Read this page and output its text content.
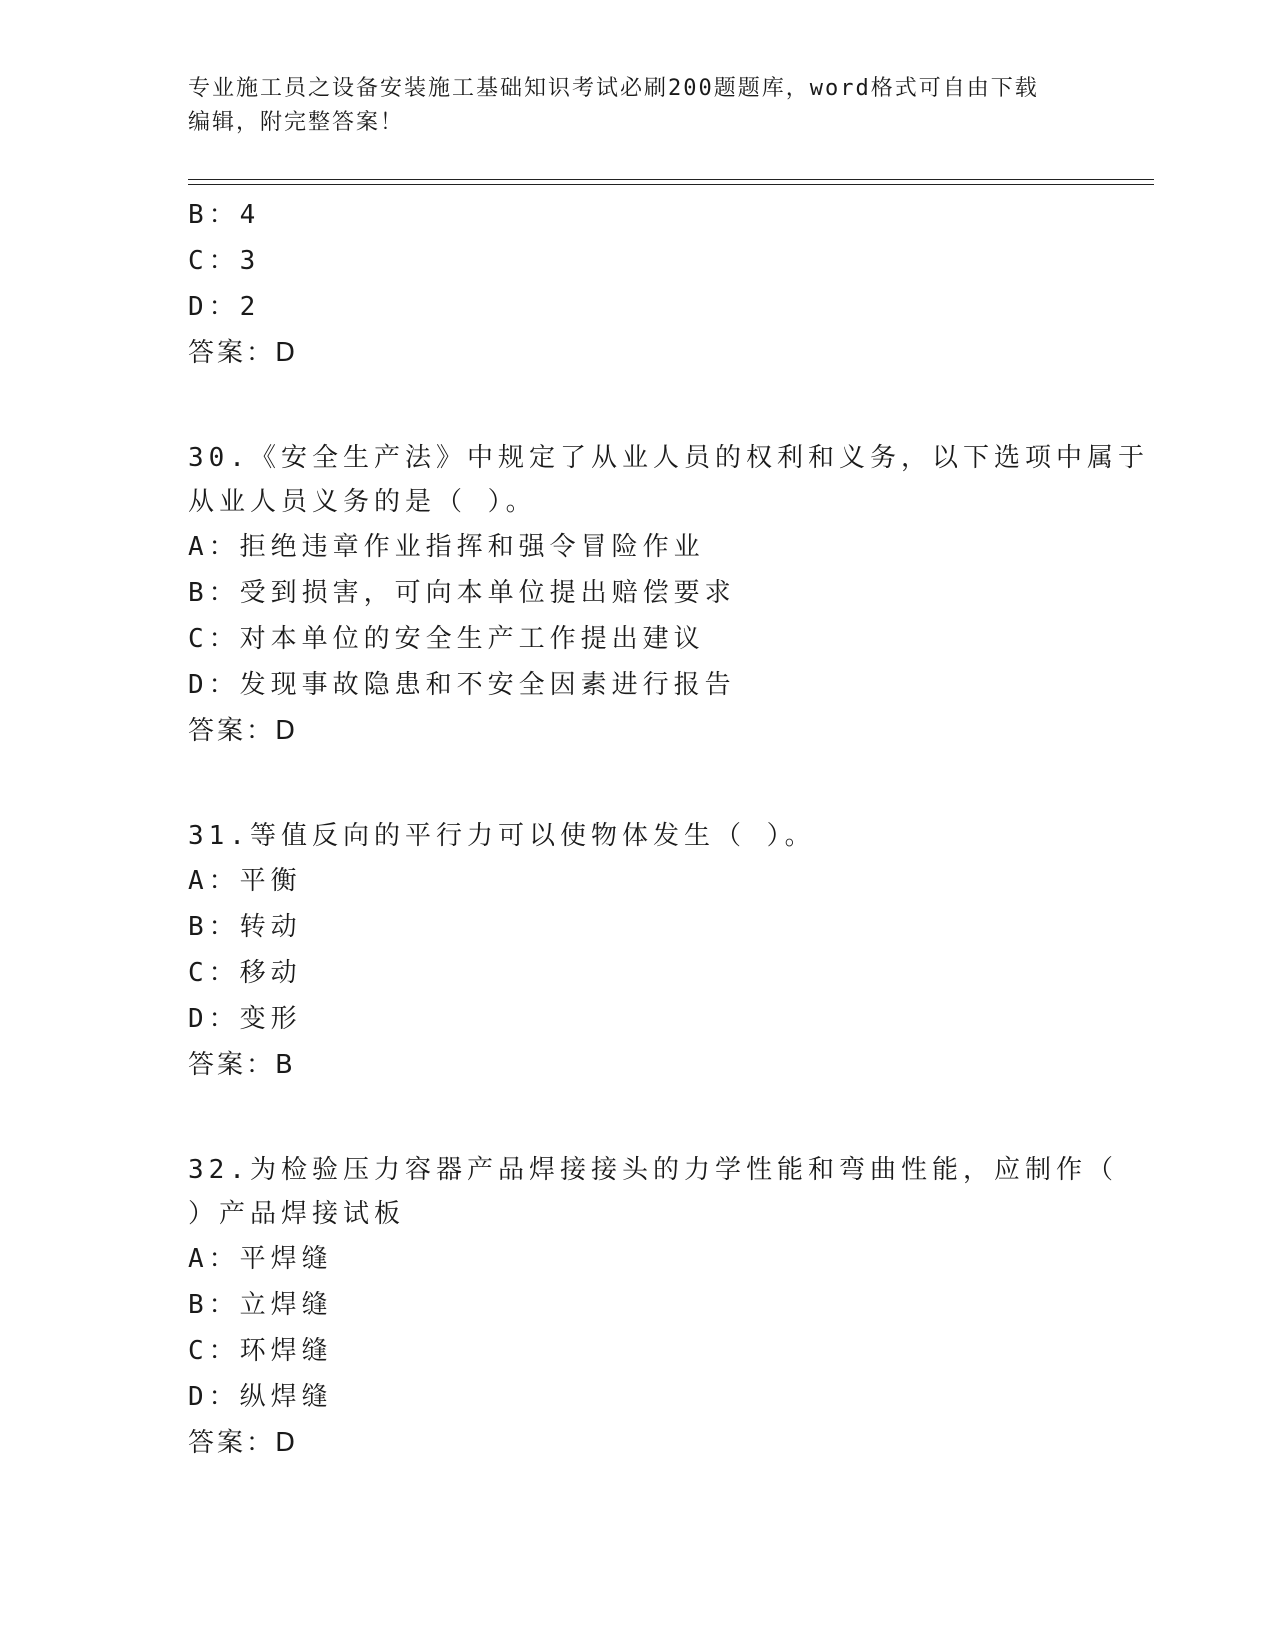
专业施工员之设备安装施工基础知识考试必刷200题题库，word格式可自由下载
编辑，附完整答案！
B：4
C：3
D：2
答案：D
30.《安全生产法》中规定了从业人员的权利和义务，以下选项中属于
从业人员义务的是（ ）。
A：拒绝违章作业指挥和强令冒险作业
B：受到损害，可向本单位提出赔偿要求
C：对本单位的安全生产工作提出建议
D：发现事故隐患和不安全因素进行报告
答案：D
31.等值反向的平行力可以使物体发生（ ）。
A：平衡
B：转动
C：移动
D：变形
答案：B
32.为检验压力容器产品焊接接头的力学性能和弯曲性能，应制作（
）产品焊接试板
A：平焊缝
B：立焊缝
C：环焊缝
D：纵焊缝
答案：D
